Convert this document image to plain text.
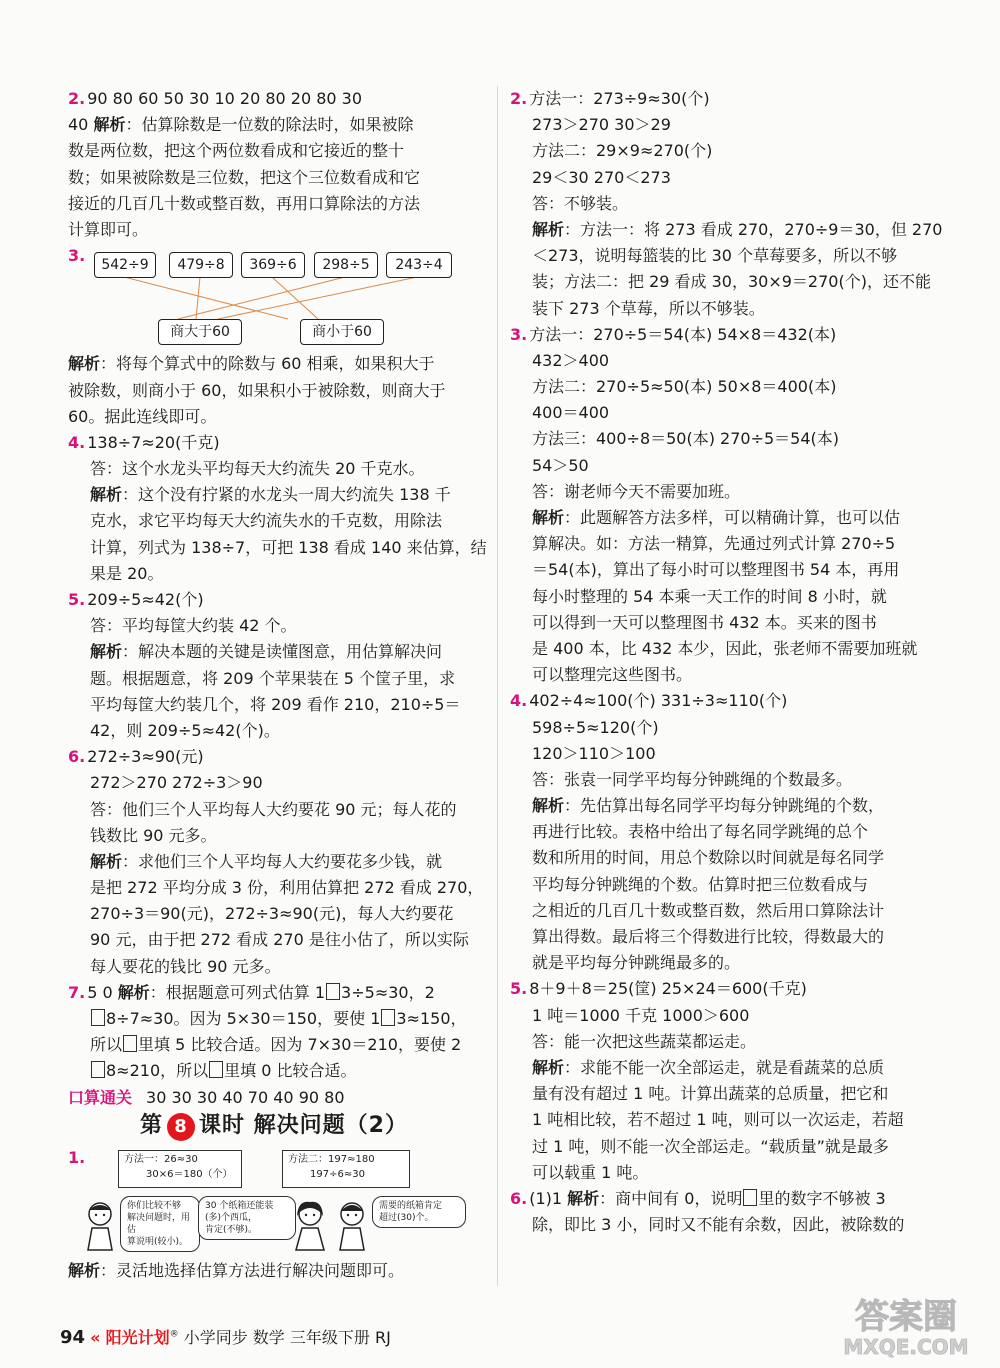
2. 90 80 60 50 30 10 20 80 20 80 30
40 解析：估算除数是一位数的除法时，如果被除
数是两位数，把这个两位数看成和它接近的整十
数；如果被除数是三位数，把这个三位数看成和它
接近的几百几十数或整百数，再用口算除法的方法
计算即可。
3.
解析：将每个算式中的除数与 60 相乘，如果积大于
被除数，则商小于 60，如果积小于被除数，则商大于
60。据此连线即可。
4. 138÷7≈20(千克)
答：这个水龙头平均每天大约流失 20 千克水。
解析：这个没有拧紧的水龙头一周大约流失 138 千
克水，求它平均每天大约流失水的千克数，用除法
计算，列式为 138÷7，可把 138 看成 140 来估算，结
果是 20。
5. 209÷5≈42(个)
答：平均每筐大约装 42 个。
解析：解决本题的关键是读懂图意，用估算解决问
题。根据题意，将 209 个苹果装在 5 个筐子里，求
平均每筐大约装几个，将 209 看作 210，210÷5＝
42，则 209÷5≈42(个)。
6. 272÷3≈90(元)
272＞270 272÷3＞90
答：他们三个人平均每人大约要花 90 元；每人花的
钱数比 90 元多。
解析：求他们三个人平均每人大约要花多少钱，就
是把 272 平均分成 3 份，利用估算把 272 看成 270，
270÷3＝90(元)，272÷3≈90(元)，每人大约要花
90 元，由于把 272 看成 270 是往小估了，所以实际
每人要花的钱比 90 元多。
7. 5 0 解析：根据题意可列式估算 1 3÷5≈30，2
8÷7≈30。因为 5×30＝150，要使 1 3≈150，
所以 里填 5 比较合适。因为 7×30＝210，要使 2
8≈210，所以 里填 0 比较合适。
口算通关 30 30 30 40 70 40 90 80
542÷9	479÷8	369÷6	298÷5	243÷4
商大于60	商小于60
第 8 课时 解决问题（2）
1.	方法一：26≈30
30×6＝180（个）
方法二：197≈180
197÷6≈30
你们比较不够
解决问题时，用估
算说明(较小)。
30 个纸箱还能装
(多)个西瓜，
肯定(不够)。
需要的纸箱肯定
超过(30)个。
解析：灵活地选择估算方法进行解决问题即可。
2. 方法一：273÷9≈30(个)
273＞270 30＞29
方法二：29×9≈270(个)
29＜30 270＜273
答：不够装。
解析：方法一：将 273 看成 270，270÷9＝30，但 270
＜273，说明每篮装的比 30 个草莓要多，所以不够
装；方法二：把 29 看成 30，30×9＝270(个)，还不能
装下 273 个草莓，所以不够装。
3. 方法一：270÷5＝54(本) 54×8＝432(本)
432＞400
方法二：270÷5≈50(本) 50×8＝400(本)
400＝400
方法三：400÷8＝50(本) 270÷5＝54(本)
54＞50
答：谢老师今天不需要加班。
解析：此题解答方法多样，可以精确计算，也可以估
算解决。如：方法一精算，先通过列式计算 270÷5
＝54(本)，算出了每小时可以整理图书 54 本，再用
每小时整理的 54 本乘一天工作的时间 8 小时，就
可以得到一天可以整理图书 432 本。买来的图书
是 400 本，比 432 本少，因此，张老师不需要加班就
可以整理完这些图书。
4. 402÷4≈100(个) 331÷3≈110(个)
598÷5≈120(个)
120＞110＞100
答：张袁一同学平均每分钟跳绳的个数最多。
解析：先估算出每名同学平均每分钟跳绳的个数，
再进行比较。表格中给出了每名同学跳绳的总个
数和所用的时间，用总个数除以时间就是每名同学
平均每分钟跳绳的个数。估算时把三位数看成与
之相近的几百几十数或整百数，然后用口算除法计
算出得数。最后将三个得数进行比较，得数最大的
就是平均每分钟跳绳最多的。
5. 8＋9＋8＝25(筐) 25×24＝600(千克)
1 吨＝1000 千克 1000＞600
答：能一次把这些蔬菜都运走。
解析：求能不能一次全部运走，就是看蔬菜的总质
量有没有超过 1 吨。计算出蔬菜的总质量，把它和
1 吨相比较，若不超过 1 吨，则可以一次运走，若超
过 1 吨，则不能一次全部运走。“载质量”就是最多
可以载重 1 吨。
6. (1)1 解析：商中间有 0，说明 里的数字不够被 3
除，即比 3 小，同时又不能有余数，因此，被除数的
94 « 阳光计划® 小学同步 数学 三年级下册 RJ
答案圈
MXQE.COM
